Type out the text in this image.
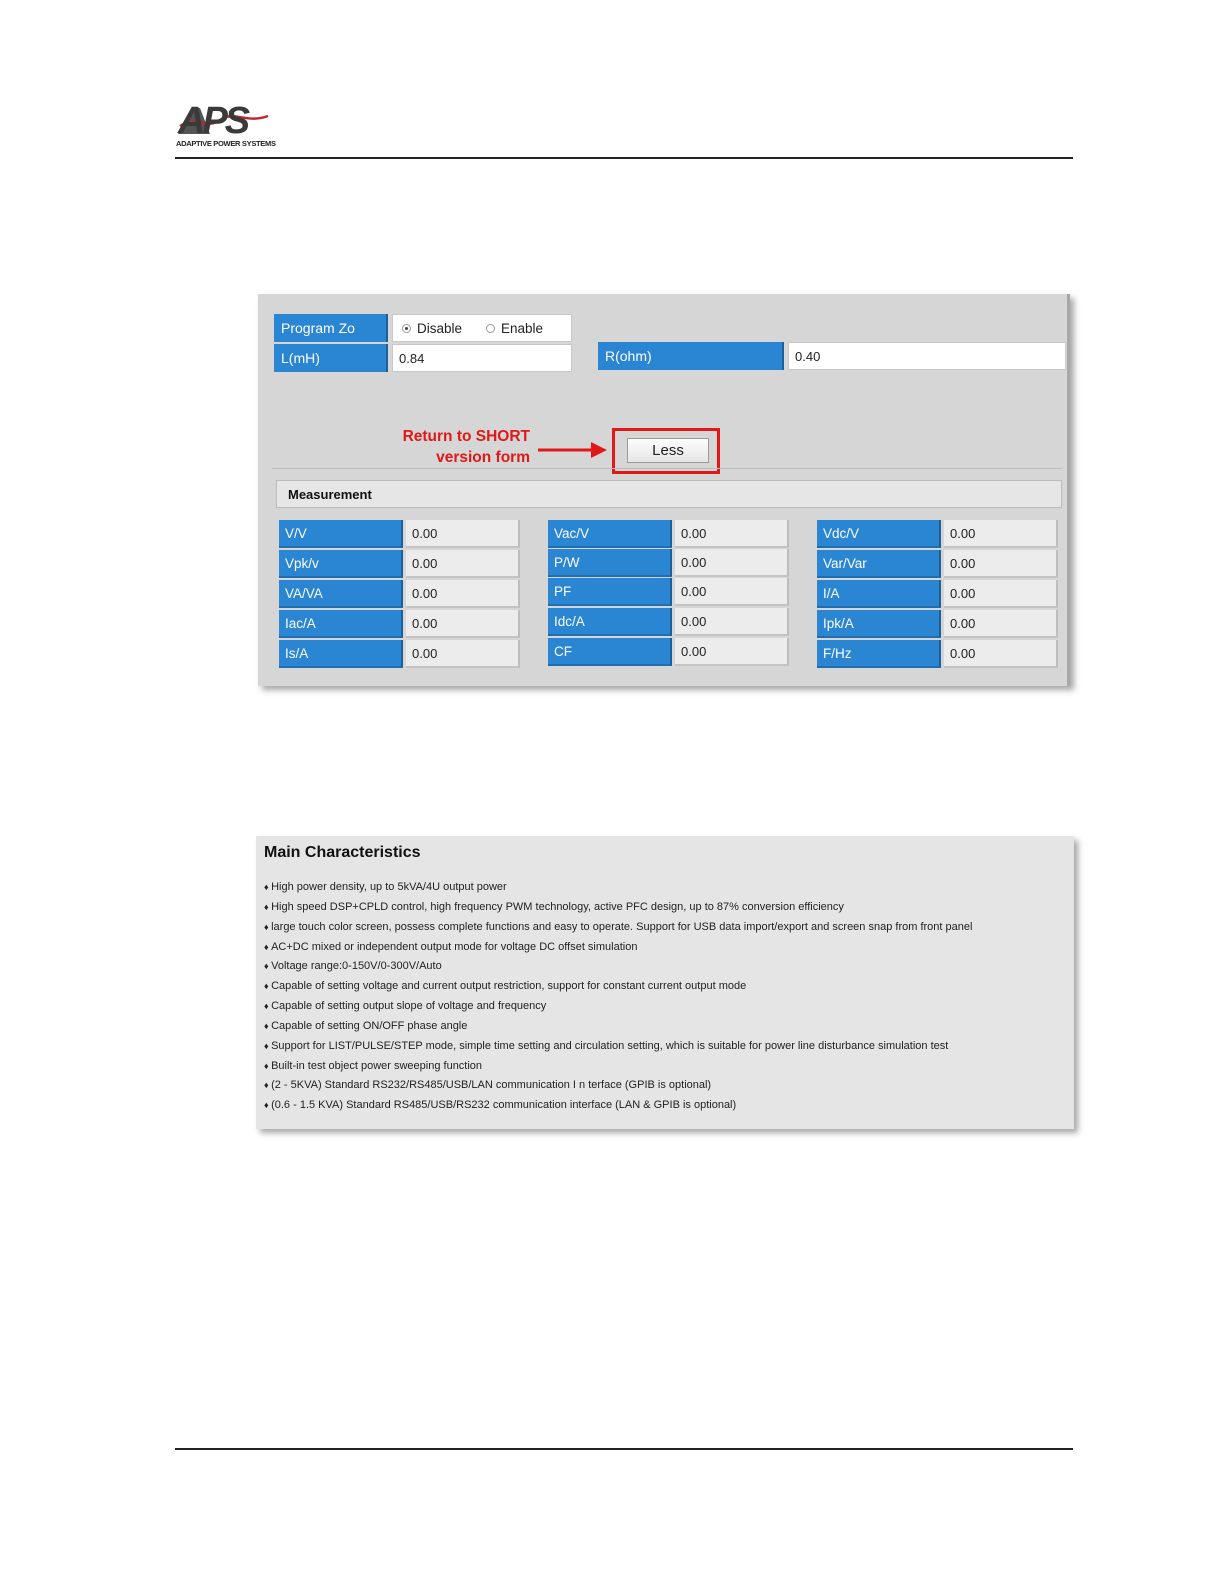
APS
ADAPTIVE POWER SYSTEMS
Program Zo	Disable	Enable
L(mH)	0.84	R(ohm)	0.40
Return to SHORT
version form	Less
Measurement
V/V	0.00	Vac/V	0.00	Vdc/V	0.00
Vpk/v	0.00	P/W	0.00	Var/Var	0.00
VA/VA	0.00	PF	0.00	I/A	0.00
Iac/A	0.00	Idc/A	0.00	Ipk/A	0.00
Is/A	0.00	CF	0.00	F/Hz	0.00
Main Characteristics
♦ High power density, up to 5kVA/4U output power
♦ High speed DSP+CPLD control, high frequency PWM technology, active PFC design, up to 87% conversion efficiency
♦ large touch color screen, possess complete functions and easy to operate. Support for USB data import/export and screen snap from front panel
♦ AC+DC mixed or independent output mode for voltage DC offset simulation
♦ Voltage range:0-150V/0-300V/Auto
♦ Capable of setting voltage and current output restriction, support for constant current output mode
♦ Capable of setting output slope of voltage and frequency
♦ Capable of setting ON/OFF phase angle
♦ Support for LIST/PULSE/STEP mode, simple time setting and circulation setting, which is suitable for power line disturbance simulation test
♦ Built-in test object power sweeping function
♦ (2 - 5KVA) Standard RS232/RS485/USB/LAN communication I n terface (GPIB is optional)
♦ (0.6 - 1.5 KVA) Standard RS485/USB/RS232 communication interface (LAN & GPIB is optional)
